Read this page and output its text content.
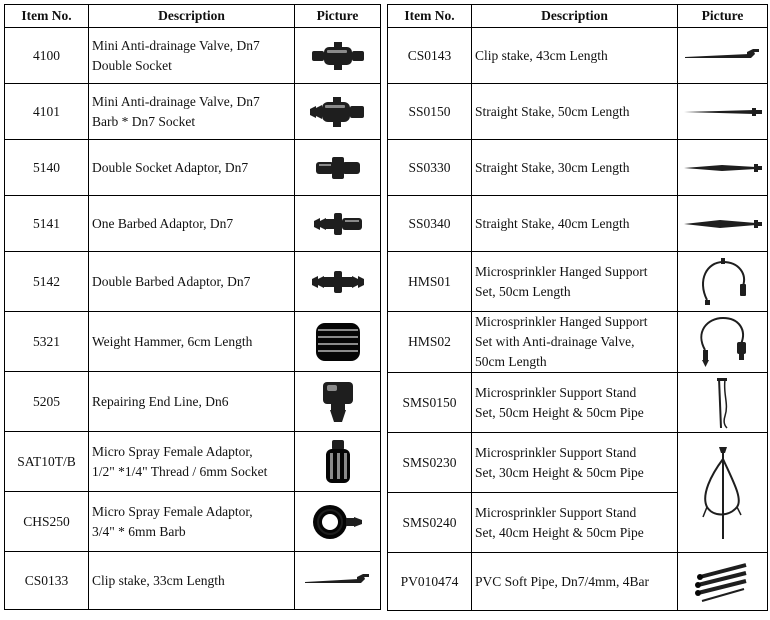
Item No.	Description	Picture
4100	Mini Anti-drainage Valve, Dn7
Double Socket	

4101	Mini Anti-drainage Valve, Dn7
Barb * Dn7 Socket	

5140	Double Socket Adaptor, Dn7	

5141	One Barbed Adaptor, Dn7	

5142	Double Barbed Adaptor, Dn7	

5321	Weight Hammer, 6cm Length	

5205	Repairing End Line, Dn6	

SAT10T/B	Micro Spray Female Adaptor,
1/2" *1/4" Thread / 6mm Socket	

CHS250	Micro Spray Female Adaptor,
3/4" * 6mm Barb	

CS0133	Clip stake, 33cm Length	
Item No.	Description	Picture
CS0143	Clip stake, 43cm Length	

SS0150	Straight Stake, 50cm Length	

SS0330	Straight Stake, 30cm Length	

SS0340	Straight Stake, 40cm Length	

HMS01	Microsprinkler Hanged Support
Set, 50cm Length	

HMS02	Microsprinkler Hanged Support
Set with Anti-drainage Valve,
50cm Length	

SMS0150	Microsprinkler Support Stand
Set, 50cm Height & 50cm Pipe	

SMS0230	Microsprinkler Support Stand
Set, 30cm Height & 50cm Pipe	

SMS0240	Microsprinkler Support Stand
Set, 40cm Height & 50cm Pipe	
PV010474	PVC Soft Pipe, Dn7/4mm, 4Bar	
